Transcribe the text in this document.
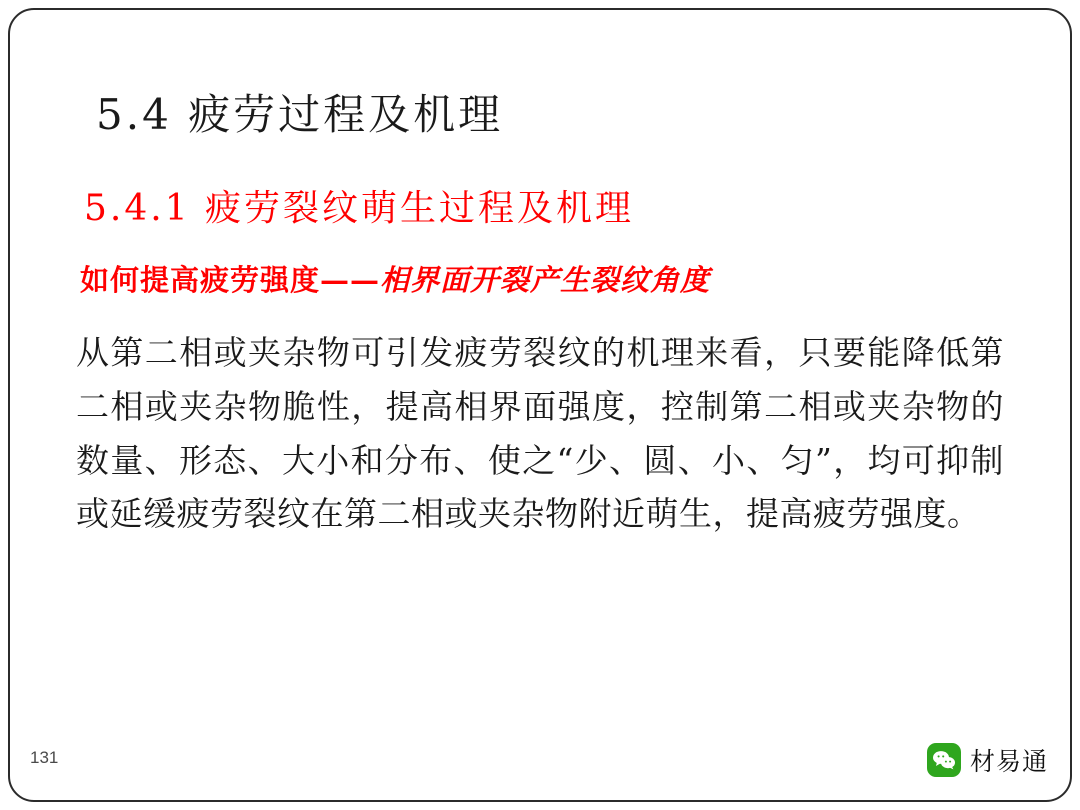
5.4 疲劳过程及机理
5.4.1 疲劳裂纹萌生过程及机理
如何提高疲劳强度——相界面开裂产生裂纹角度
从第二相或夹杂物可引发疲劳裂纹的机理来看，只要能降低第二相或夹杂物脆性，提高相界面强度，控制第二相或夹杂物的数量、形态、大小和分布、使之“少、圆、小、匀”，均可抑制或延缓疲劳裂纹在第二相或夹杂物附近萌生，提高疲劳强度。
131	材易通
